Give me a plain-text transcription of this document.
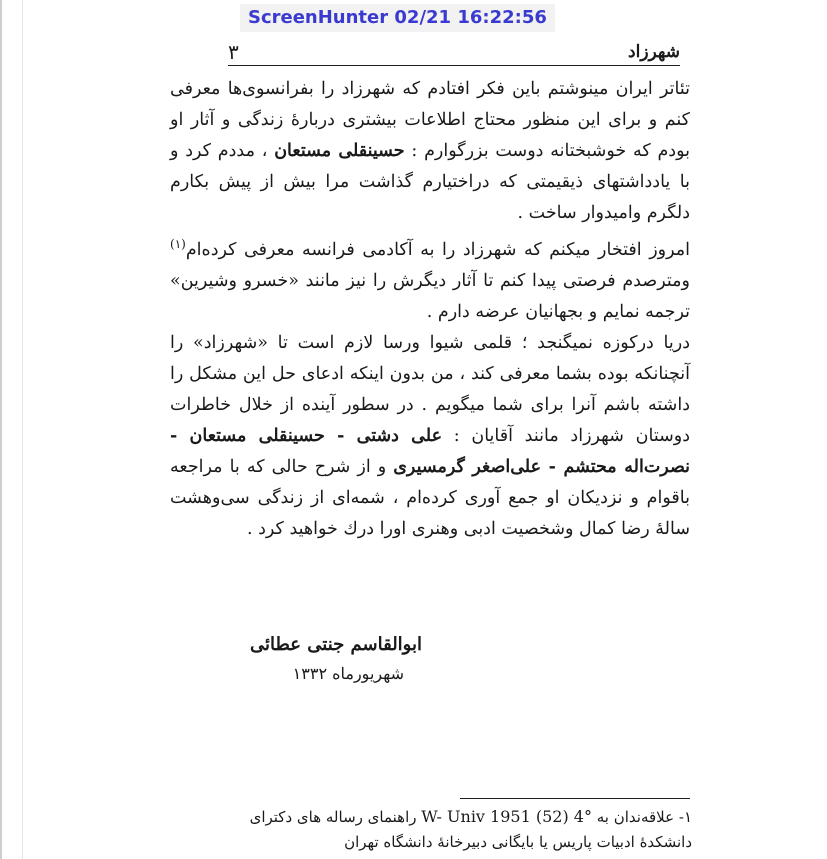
ScreenHunter 02/21 16:22:56
شهرزاد
۳

تئاتر ایران مینوشتم باین فکر افتادم که شهرزاد را بفرانسوی‌ها معرفی کنم و برای این منظور محتاج اطلاعات بیشتری دربارهٔ زندگی و آثار او بودم که خوشبختانه دوست بزرگوارم : حسینقلی مستعان ، مددم کرد و با یادداشتهای ذیقیمتی که دراختیارم گذاشت مرا بیش از پیش بکارم دلگرم وامیدوار ساخت .

امروز افتخار میکنم که شهرزاد را به آکادمی فرانسه معرفی کرده‌ام$^{(۱)}$ ومترصدم فرصتی پیدا کنم تا آثار دیگرش را نیز مانند «خسرو وشیرین» ترجمه نمایم و بجهانیان عرضه دارم .

دریا درکوزه نمیگنجد ؛ قلمی شیوا ورسا لازم است تا «شهرزاد» را آنچنانکه بوده بشما معرفی کند ، من بدون اینکه ادعای حل این مشکل را داشته باشم آنرا برای شما میگویم . در سطور آینده از خلال خاطرات دوستان شهرزاد مانند آقایان : علی دشتی - حسینقلی مستعان - نصرت‌اله محتشم - علی‌اصغر گرمسیری و از شرح حالی که با مراجعه باقوام و نزدیکان او جمع آوری کرده‌ام ، شمه‌ای از زندگی سی‌وهشت سالهٔ رضا کمال وشخصیت ادبی وهنری اورا درك خواهید کرد .

ابوالقاسم جنتی عطائی
شهریورماه ۱۳۳۲
۱- علاقه‌ندان به W- Univ 1951 (52) 4° راهنمای رساله های دکترای دانشکدهٔ ادبیات پاریس یا بایگانی دبیرخانهٔ دانشگاه تهران
